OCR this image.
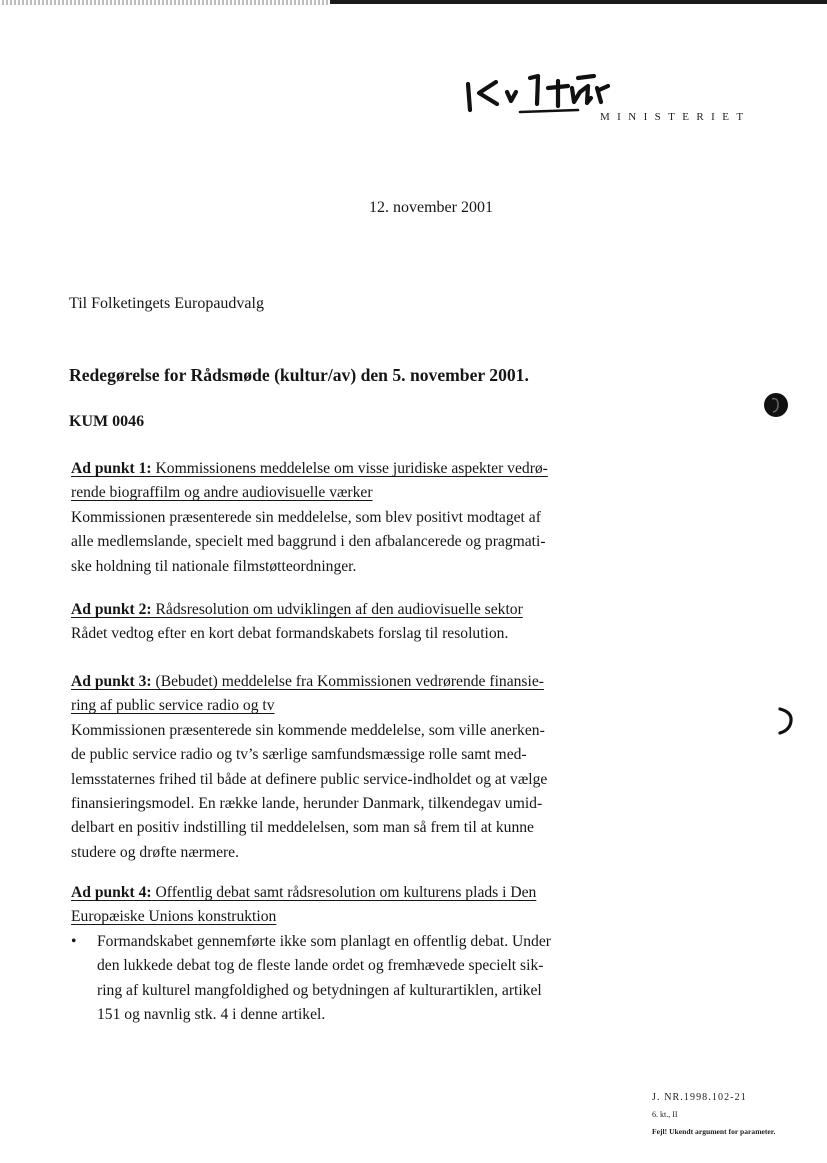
MINISTERIET
12. november 2001
Til Folketingets Europaudvalg
Redegørelse for Rådsmøde (kultur/av) den 5. november 2001.
KUM 0046

Ad punkt 1: Kommissionens meddelelse om visse juridiske aspekter vedrø-

rende biograffilm og andre audiovisuelle værker

Kommissionen præsenterede sin meddelelse, som blev positivt modtaget af

alle medlemslande, specielt med baggrund i den afbalancerede og pragmati-

ske holdning til nationale filmstøtteordninger.

Ad punkt 2: Rådsresolution om udviklingen af den audiovisuelle sektor

Rådet vedtog efter en kort debat formandskabets forslag til resolution.

Ad punkt 3: (Bebudet) meddelelse fra Kommissionen vedrørende finansie-

ring af public service radio og tv

Kommissionen præsenterede sin kommende meddelelse, som ville anerken-

de public service radio og tv’s særlige samfundsmæssige rolle samt med-

lemsstaternes frihed til både at definere public service-indholdet og at vælge

finansieringsmodel. En række lande, herunder Danmark, tilkendegav umid-

delbart en positiv indstilling til meddelelsen, som man så frem til at kunne

studere og drøfte nærmere.

Ad punkt 4: Offentlig debat samt rådsresolution om kulturens plads i Den

Europæiske Unions konstruktion

• Formandskabet gennemførte ikke som planlagt en offentlig debat. Under
den lukkede debat tog de fleste lande ordet og fremhævede specielt sik-
ring af kulturel mangfoldighed og betydningen af kulturartiklen, artikel
151 og navnlig stk. 4 i denne artikel.
J. NR.1998.102-21
6. kt., II
Fejl! Ukendt argument for parameter.
